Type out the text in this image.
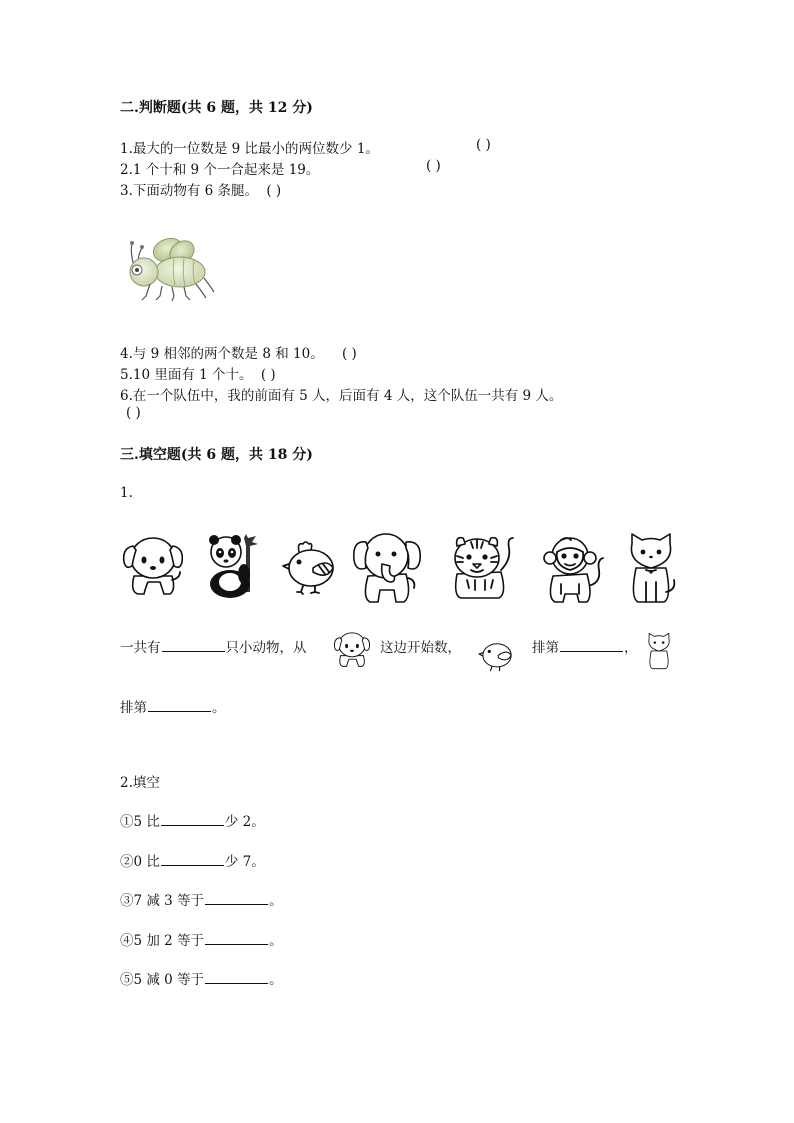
二.判断题(共 6 题，共 12 分)
1.最大的一位数是 9 比最小的两位数少 1。	( )
2.1 个十和 9 个一合起来是 19。	( )
3.下面动物有 6 条腿。 ( )
4.与 9 相邻的两个数是 8 和 10。 ( )
5.10 里面有 1 个十。 ( )
6.在一个队伍中，我的前面有 5 人，后面有 4 人，这个队伍一共有 9 人。
( )
三.填空题(共 6 题，共 18 分)
1.
一共有	只小动物，从	这边开始数，	排第	，
排第	。
2.填空
①5 比	少 2。
②0 比	少 7。
③7 减 3 等于	。
④5 加 2 等于	。
⑤5 减 0 等于	。
